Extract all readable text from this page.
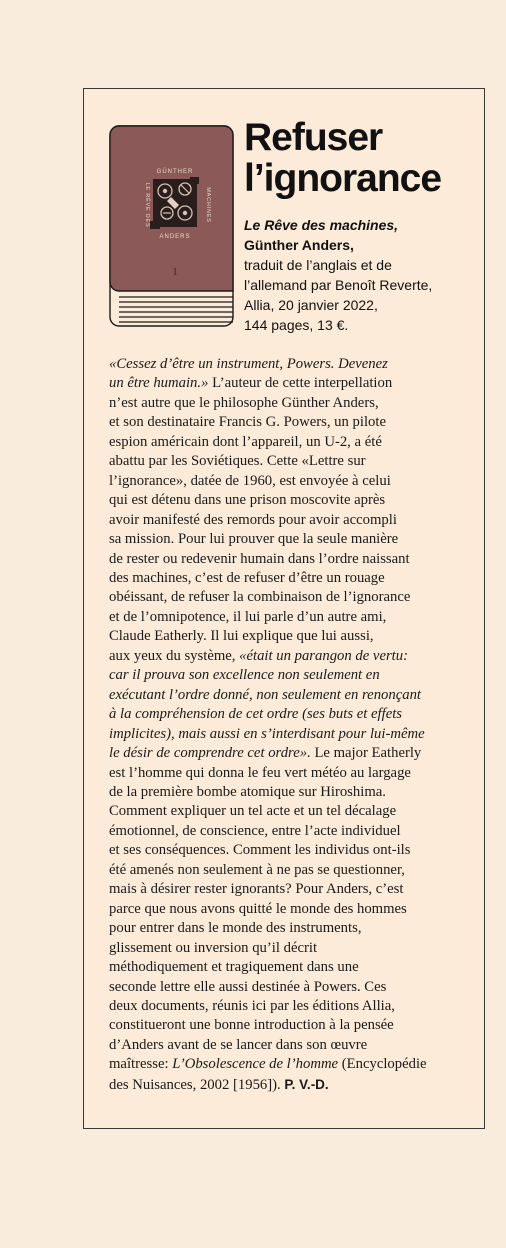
GÜNTHER
ANDERS
LE RÊVE DES	MACHINES
1
Refuser
l’ignorance
Le Rêve des machines,
Günther Anders,
traduit de l’anglais et de
l’allemand par Benoît Reverte,
Allia, 20 janvier 2022,
144 pages, 13 €.
«Cessez d’être un instrument, Powers. Devenez
un être humain.» L’auteur de cette interpellation
n’est autre que le philosophe Günther Anders,
et son destinataire Francis G. Powers, un pilote
espion américain dont l’appareil, un U-2, a été
abattu par les Soviétiques. Cette «Lettre sur
l’ignorance», datée de 1960, est envoyée à celui
qui est détenu dans une prison moscovite après
avoir manifesté des remords pour avoir accompli
sa mission. Pour lui prouver que la seule manière
de rester ou redevenir humain dans l’ordre naissant
des machines, c’est de refuser d’être un rouage
obéissant, de refuser la combinaison de l’ignorance
et de l’omnipotence, il lui parle d’un autre ami,
Claude Eatherly. Il lui explique que lui aussi,
aux yeux du système, «était un parangon de vertu:
car il prouva son excellence non seulement en
exécutant l’ordre donné, non seulement en renonçant
à la compréhension de cet ordre (ses buts et effets
implicites), mais aussi en s’interdisant pour lui-même
le désir de comprendre cet ordre». Le major Eatherly
est l’homme qui donna le feu vert météo au largage
de la première bombe atomique sur Hiroshima.
Comment expliquer un tel acte et un tel décalage
émotionnel, de conscience, entre l’acte individuel
et ses conséquences. Comment les individus ont-ils
été amenés non seulement à ne pas se questionner,
mais à désirer rester ignorants? Pour Anders, c’est
parce que nous avons quitté le monde des hommes
pour entrer dans le monde des instruments,
glissement ou inversion qu’il décrit
méthodiquement et tragiquement dans une
seconde lettre elle aussi destinée à Powers. Ces
deux documents, réunis ici par les éditions Allia,
constitueront une bonne introduction à la pensée
d’Anders avant de se lancer dans son œuvre
maîtresse: L’Obsolescence de l’homme (Encyclopédie
des Nuisances, 2002 [1956]). P. V.-D.
